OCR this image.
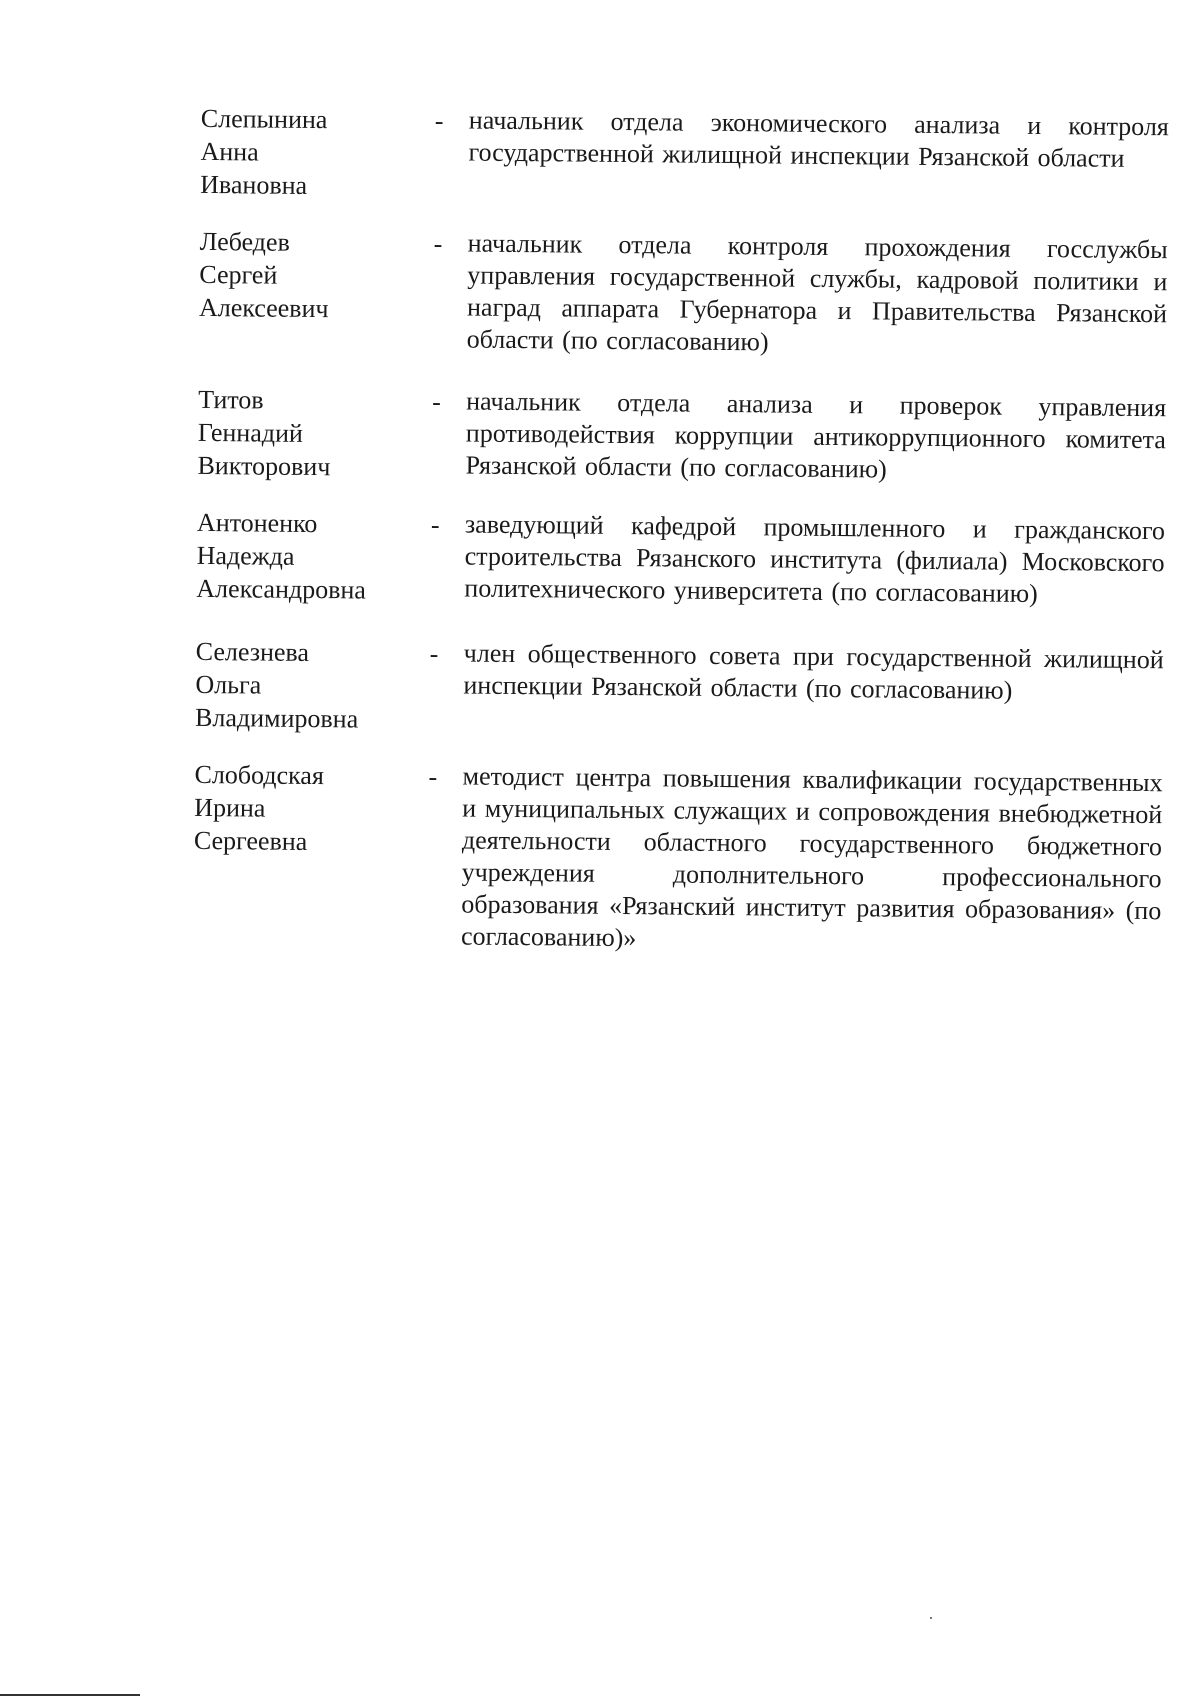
Слепынина
Анна
Ивановна
- начальник отдела экономического анализа и контроля государственной жилищной инспекции Рязанской области
Лебедев
Сергей
Алексеевич
- начальник отдела контроля прохождения госслужбы управления государственной службы, кадровой политики и наград аппарата Губернатора и Правительства Рязанской области (по согласованию)
Титов
Геннадий
Викторович
- начальник отдела анализа и проверок управления противодействия коррупции антикоррупционного комитета Рязанской области (по согласованию)
Антоненко
Надежда
Александровна
- заведующий кафедрой промышленного и гражданского строительства Рязанского института (филиала) Московского политехнического университета (по согласованию)
Селезнева
Ольга
Владимировна
- член общественного совета при государственной жилищной инспекции Рязанской области (по согласованию)
Слободская
Ирина
Сергеевна
- методист центра повышения квалификации государственных и муниципальных служащих и сопровождения внебюджетной деятельности областного государственного бюджетного учреждения дополнительного профессионального образования «Рязанский институт развития образования» (по согласованию)»
